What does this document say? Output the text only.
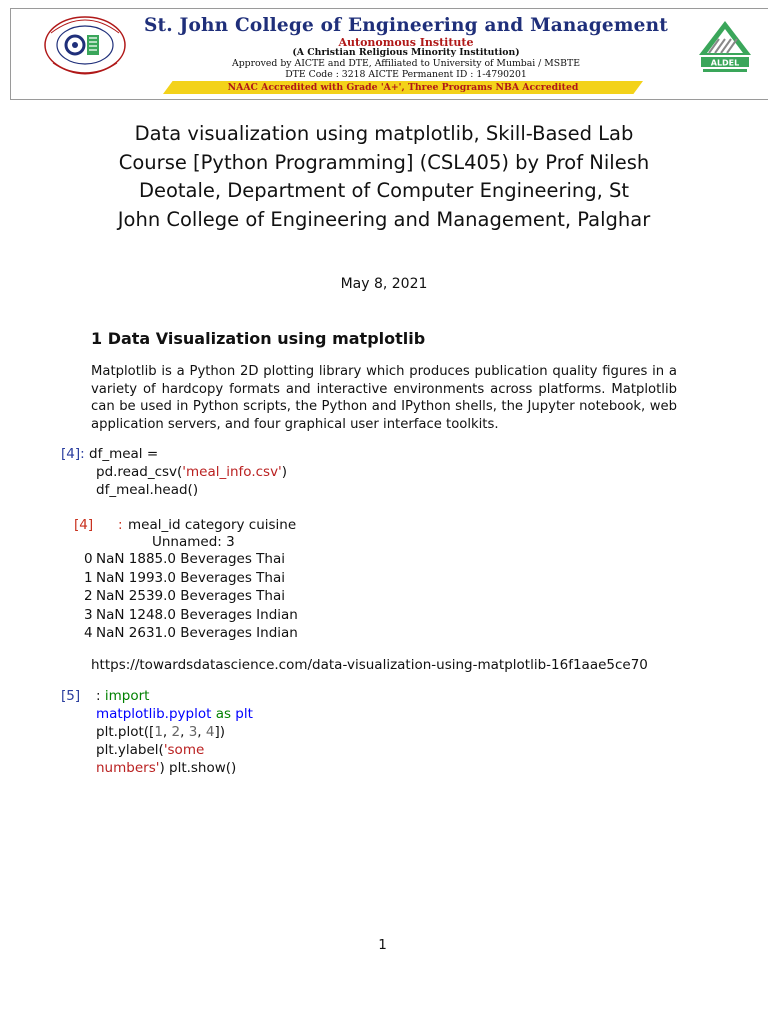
St. John College of Engineering and Management
Autonomous Institute
(A Christian Religious Minority Institution)
Approved by AICTE and DTE, Affiliated to University of Mumbai / MSBTE
DTE Code : 3218 AICTE Permanent ID : 1-4790201
NAAC Accredited with Grade 'A+', Three Programs NBA Accredited
ALDEL
Data visualization using matplotlib, Skill-Based Lab
Course [Python Programming] (CSL405) by Prof Nilesh
Deotale, Department of Computer Engineering, St
John College of Engineering and Management, Palghar
May 8, 2021
1 Data Visualization using matplotlib
Matplotlib is a Python 2D plotting library which produces publication quality figures in a variety of hardcopy formats and interactive environments across platforms. Matplotlib can be used in Python scripts, the Python and IPython shells, the Jupyter notebook, web application servers, and four graphical user interface toolkits.
[4]: df_meal =
pd.read_csv('meal_info.csv')
df_meal.head()
[4] : meal_id category cuisine
Unnamed: 3
0 NaN 1885.0 Beverages Thai
1 NaN 1993.0 Beverages Thai
2 NaN 2539.0 Beverages Thai
3 NaN 1248.0 Beverages Indian
4 NaN 2631.0 Beverages Indian
https://towardsdatascience.com/data-visualization-using-matplotlib-16f1aae5ce70
[5] : import
matplotlib.pyplot as plt
plt.plot([1, 2, 3, 4])
plt.ylabel('some
numbers') plt.show()
1
